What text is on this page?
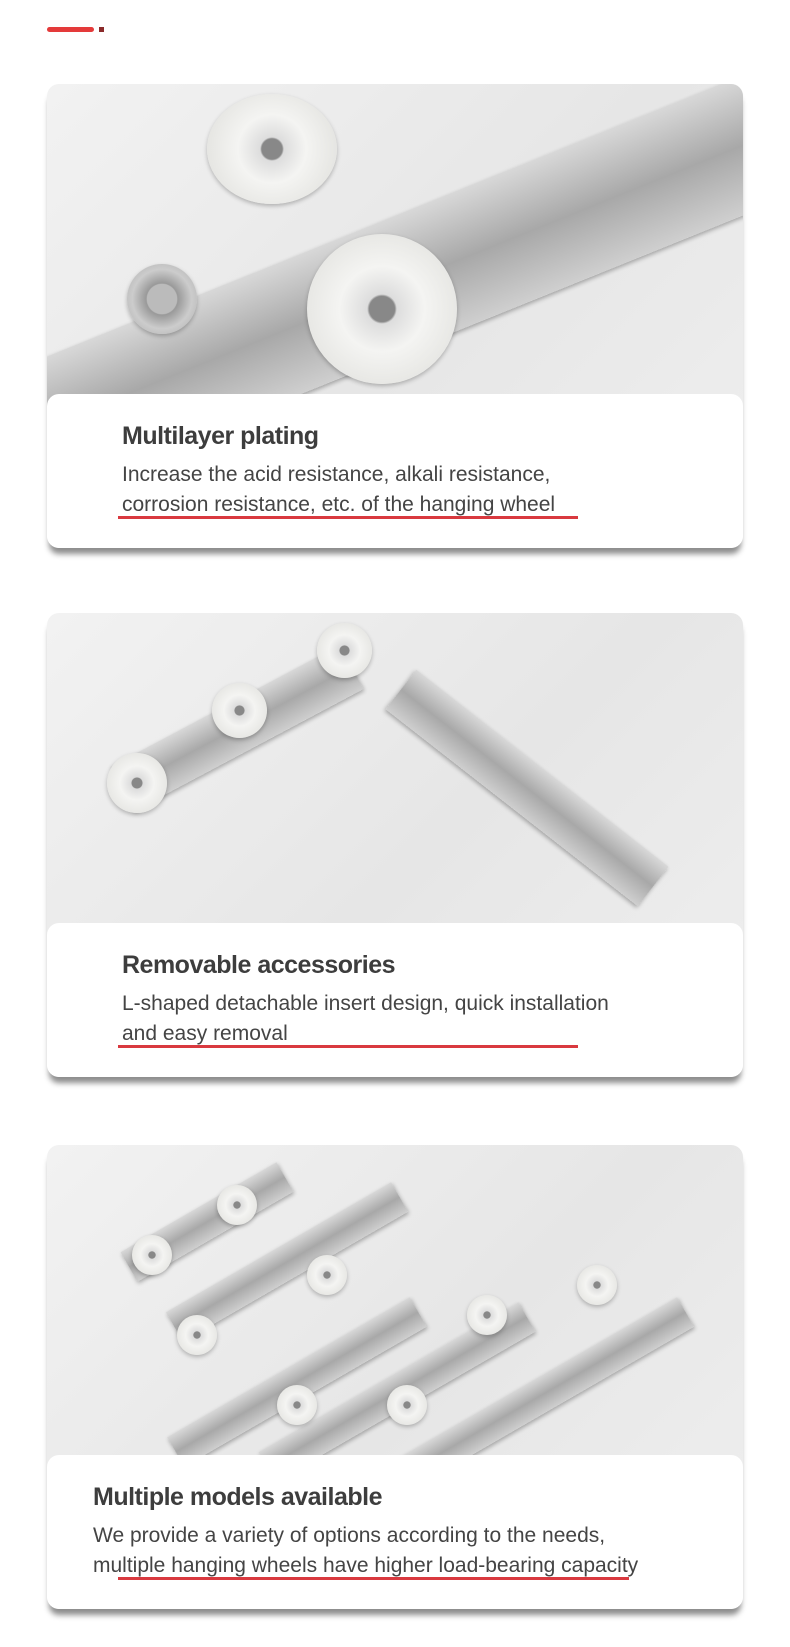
Multilayer plating
Increase the acid resistance, alkali resistance,
corrosion resistance, etc. of the hanging wheel
Removable accessories
L-shaped detachable insert design, quick installation
and easy removal
Multiple models available
We provide a variety of options according to the needs,
multiple hanging wheels have higher load-bearing capacity
